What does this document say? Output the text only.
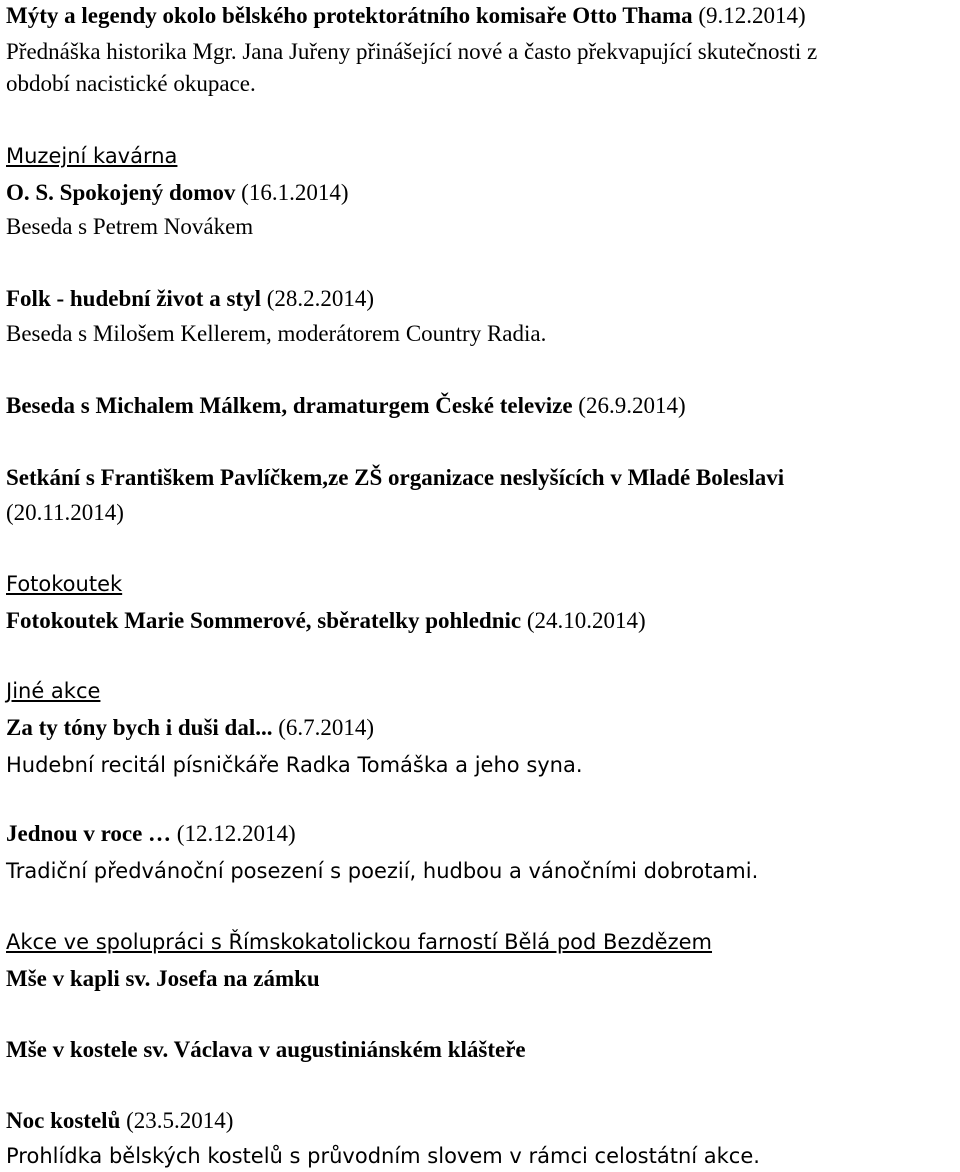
Mýty a legendy okolo bělského protektorátního komisaře Otto Thama (9.12.2014)
Přednáška historika Mgr. Jana Juřeny přinášející nové a často překvapující skutečnosti z
období nacistické okupace.
Muzejní kavárna
O. S. Spokojený domov (16.1.2014)
Beseda s Petrem Novákem
Folk - hudební život a styl (28.2.2014)
Beseda s Milošem Kellerem, moderátorem Country Radia.
Beseda s Michalem Málkem, dramaturgem České televize (26.9.2014)
Setkání s Františkem Pavlíčkem,ze ZŠ organizace neslyšících v Mladé Boleslavi
(20.11.2014)
Fotokoutek
Fotokoutek Marie Sommerové, sběratelky pohlednic (24.10.2014)
Jiné akce
Za ty tóny bych i duši dal... (6.7.2014)
Hudební recitál písničkáře Radka Tomáška a jeho syna.
Jednou v roce … (12.12.2014)
Tradiční předvánoční posezení s poezií, hudbou a vánočními dobrotami.
Akce ve spolupráci s Římskokatolickou farností Bělá pod Bezdězem
Mše v kapli sv. Josefa na zámku
Mše v kostele sv. Václava v augustiniánském klášteře
Noc kostelů (23.5.2014)
Prohlídka bělských kostelů s průvodním slovem v rámci celostátní akce.
